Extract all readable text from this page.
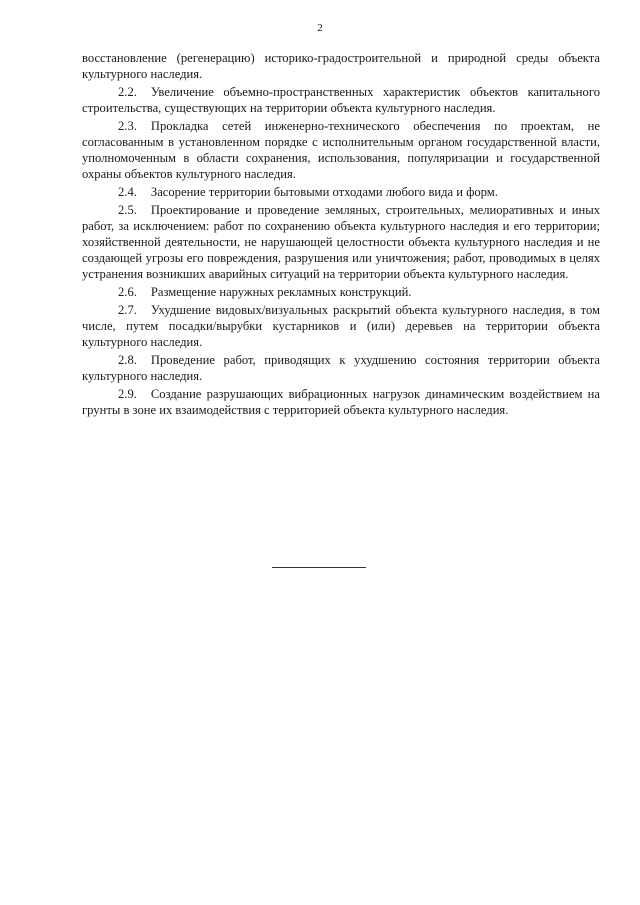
2

восстановление (регенерацию) историко-градостроительной и природной среды объекта культурного наследия.

2.2. Увеличение объемно-пространственных характеристик объектов капитального строительства, существующих на территории объекта культурного наследия.

2.3. Прокладка сетей инженерно-технического обеспечения по проектам, не согласованным в установленном порядке с исполнительным органом государственной власти, уполномоченным в области сохранения, использования, популяризации и государственной охраны объектов культурного наследия.

2.4. Засорение территории бытовыми отходами любого вида и форм.

2.5. Проектирование и проведение земляных, строительных, мелиоративных и иных работ, за исключением: работ по сохранению объекта культурного наследия и его территории; хозяйственной деятельности, не нарушающей целостности объекта культурного наследия и не создающей угрозы его повреждения, разрушения или уничтожения; работ, проводимых в целях устранения возникших аварийных ситуаций на территории объекта культурного наследия.

2.6. Размещение наружных рекламных конструкций.

2.7. Ухудшение видовых/визуальных раскрытий объекта культурного наследия, в том числе, путем посадки/вырубки кустарников и (или) деревьев на территории объекта культурного наследия.

2.8. Проведение работ, приводящих к ухудшению состояния территории объекта культурного наследия.

2.9. Создание разрушающих вибрационных нагрузок динамическим воздействием на грунты в зоне их взаимодействия с территорией объекта культурного наследия.
